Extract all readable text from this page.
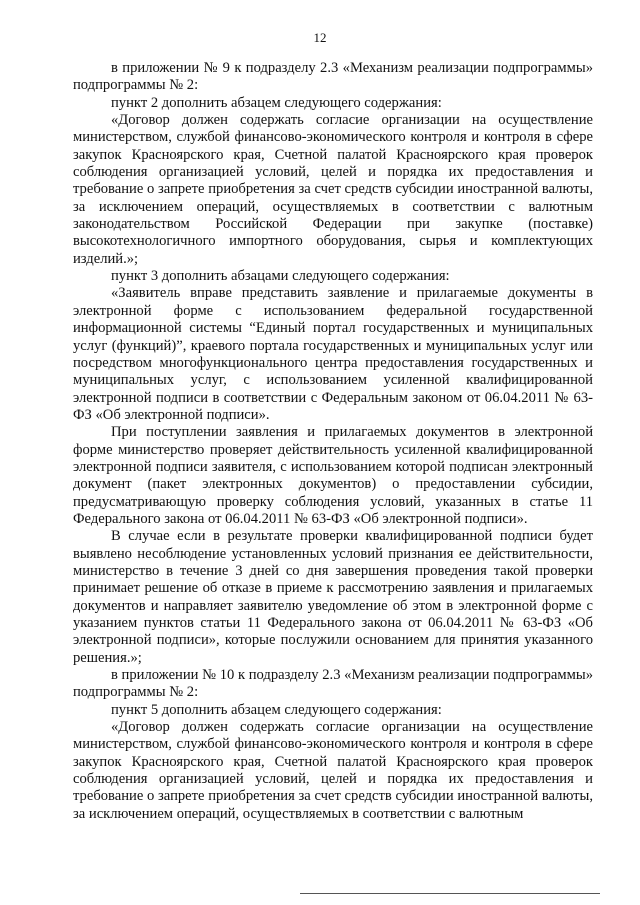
12

в приложении № 9 к подразделу 2.3 «Механизм реализации подпрограммы» подпрограммы № 2:

пункт 2 дополнить абзацем следующего содержания:

«Договор должен содержать согласие организации на осуществление министерством, службой финансово-экономического контроля и контроля в сфере закупок Красноярского края, Счетной палатой Красноярского края проверок соблюдения организацией условий, целей и порядка их предоставления и требование о запрете приобретения за счет средств субсидии иностранной валюты, за исключением операций, осуществляемых в соответствии с валютным законодательством Российской Федерации при закупке (поставке) высокотехнологичного импортного оборудования, сырья и комплектующих изделий.»;

пункт 3 дополнить абзацами следующего содержания:

«Заявитель вправе представить заявление и прилагаемые документы в электронной форме с использованием федеральной государственной информационной системы “Единый портал государственных и муниципальных услуг (функций)”, краевого портала государственных и муниципальных услуг или посредством многофункционального центра предоставления государственных и муниципальных услуг, с использованием усиленной квалифицированной электронной подписи в соответствии с Федеральным законом от 06.04.2011 № 63-ФЗ «Об электронной подписи».

При поступлении заявления и прилагаемых документов в электронной форме министерство проверяет действительность усиленной квалифицированной электронной подписи заявителя, с использованием которой подписан электронный документ (пакет электронных документов) о предоставлении субсидии, предусматривающую проверку соблюдения условий, указанных в статье 11 Федерального закона от 06.04.2011 № 63-ФЗ «Об электронной подписи».

В случае если в результате проверки квалифицированной подписи будет выявлено несоблюдение установленных условий признания ее действительности, министерство в течение 3 дней со дня завершения проведения такой проверки принимает решение об отказе в приеме к рассмотрению заявления и прилагаемых документов и направляет заявителю уведомление об этом в электронной форме с указанием пунктов статьи 11 Федерального закона от 06.04.2011 № 63-ФЗ «Об электронной подписи», которые послужили основанием для принятия указанного решения.»;

в приложении № 10 к подразделу 2.3 «Механизм реализации подпрограммы» подпрограммы № 2:

пункт 5 дополнить абзацем следующего содержания:

«Договор должен содержать согласие организации на осуществление министерством, службой финансово-экономического контроля и контроля в сфере закупок Красноярского края, Счетной палатой Красноярского края проверок соблюдения организацией условий, целей и порядка их предоставления и требование о запрете приобретения за счет средств субсидии иностранной валюты, за исключением операций, осуществляемых в соответствии с валютным
